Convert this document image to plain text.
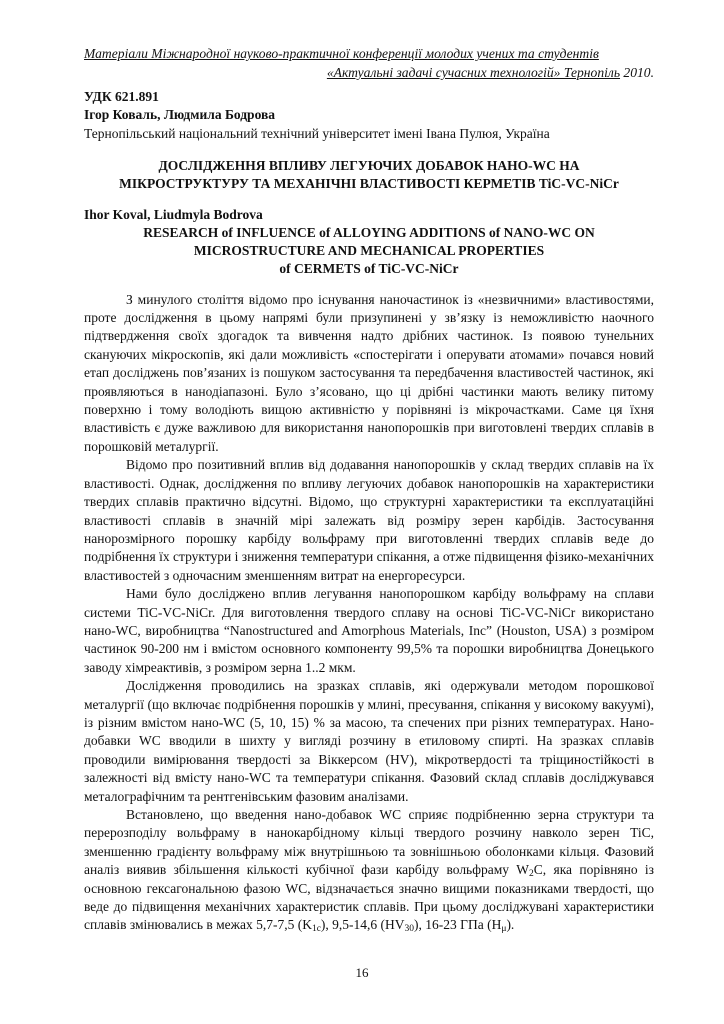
Матеріали Міжнародної науково-практичної конференції молодих учених та студентів
«Актуальні задачі сучасних технологій» Тернопіль 2010.
УДК 621.891
Ігор Коваль, Людмила Бодрова
Тернопільський національний технічний університет імені Івана Пулюя, Україна
ДОСЛІДЖЕННЯ ВПЛИВУ ЛЕГУЮЧИХ ДОБАВОК НАНО-WC НА
МІКРОСТРУКТУРУ ТА МЕХАНІЧНІ ВЛАСТИВОСТІ КЕРМЕТІВ TiC-VC-NiCr
Ihor Koval, Liudmyla Bodrova
RESEARCH of INFLUENCE of ALLOYING ADDITIONS of NANO-WC ON
MICROSTRUCTURE AND MECHANICAL PROPERTIES
of CERMETS of TiC-VC-NiCr

З минулого століття відомо про існування наночастинок із «незвичними» властивостями, проте дослідження в цьому напрямі були призупинені у зв’язку із неможливістю наочного підтвердження своїх здогадок та вивчення надто дрібних частинок. Із появою тунельних скануючих мікроскопів, які дали можливість «спостерігати і оперувати атомами» почався новий етап досліджень пов’язаних із пошуком застосування та передбачення властивостей частинок, які проявляються в нанодіапазоні. Було з’ясовано, що ці дрібні частинки мають велику питому поверхню і тому володіють вищою активністю у порівняні із мікрочастками. Саме ця їхня властивість є дуже важливою для використання нанопорошків при виготовлені твердих сплавів в порошковій металургії.

Відомо про позитивний вплив від додавання нанопорошків у склад твердих сплавів на їх властивості. Однак, дослідження по впливу легуючих добавок нанопорошків на характеристики твердих сплавів практично відсутні. Відомо, що структурні характеристики та експлуатаційні властивості сплавів в значній мірі залежать від розміру зерен карбідів. Застосування нанорозмірного порошку карбіду вольфраму при виготовленні твердих сплавів веде до подрібнення їх структури і зниження температури спікання, а отже підвищення фізико-механічних властивостей з одночасним зменшенням витрат на енергоресурси.

Нами було досліджено вплив легування нанопорошком карбіду вольфраму на сплави системи TiC-VC-NiCr. Для виготовлення твердого сплаву на основі TiC-VC-NiCr використано нано-WC, виробництва “Nanostructured and Amorphous Materials, Inc” (Houston, USA) з розміром частинок 90-200 нм і вмістом основного компоненту 99,5% та порошки виробництва Донецького заводу хімреактивів, з розміром зерна 1..2 мкм.

Дослідження проводились на зразках сплавів, які одержували методом порошкової металургії (що включає подрібнення порошків у млині, пресування, спікання у високому вакуумі), із різним вмістом нано-WC (5, 10, 15) % за масою, та спечених при різних температурах. Нано-добавки WC вводили в шихту у вигляді розчину в етиловому спирті. На зразках сплавів проводили вимірювання твердості за Віккерсом (HV), мікротвердості та тріщиностійкості в залежності від вмісту нано-WC та температури спікання. Фазовий склад сплавів досліджувався металографічним та рентгенівським фазовим аналізами.

Встановлено, що введення нано-добавок WC сприяє подрібненню зерна структури та перерозподілу вольфраму в нанокарбідному кільці твердого розчину навколо зерен TiC, зменшенню градієнту вольфраму між внутрішньою та зовнішньою оболонками кільця. Фазовий аналіз виявив збільшення кількості кубічної фази карбіду вольфраму $W_2C$, яка порівняно із основною гексагональною фазою WC, відзначається значно вищими показниками твердості, що веде до підвищення механічних характеристик сплавів. При цьому досліджувані характеристики сплавів змінювались в межах 5,7-7,5 $(K_{1c})$, 9,5-14,6 $(HV_{30})$, 16-23 ГПа $(H_\mu)$.

16
